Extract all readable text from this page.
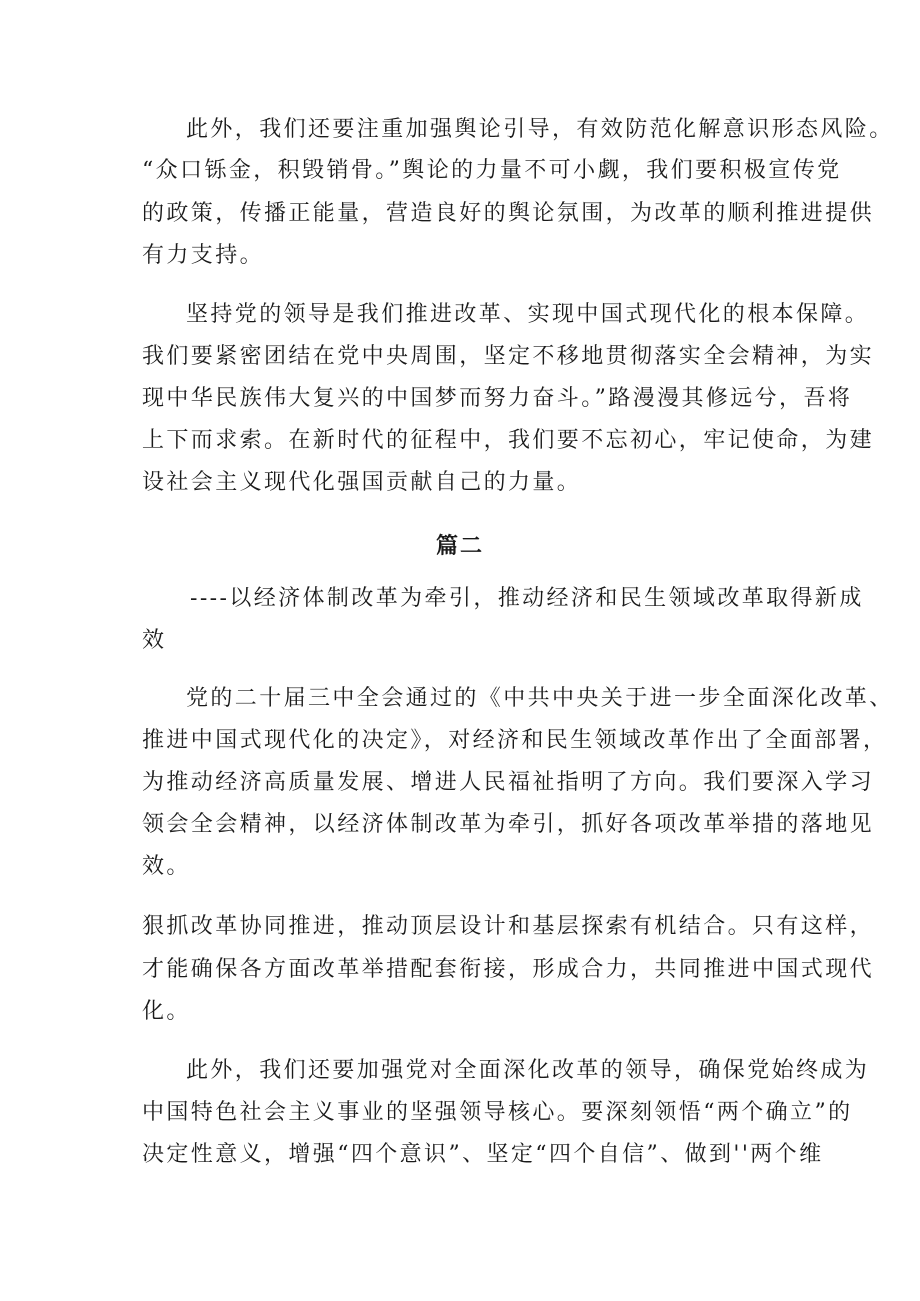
此外，我们还要注重加强舆论引导，有效防范化解意识形态风险。
“众口铄金，积毁销骨。”舆论的力量不可小觑，我们要积极宣传党
的政策，传播正能量，营造良好的舆论氛围，为改革的顺利推进提供
有力支持。
坚持党的领导是我们推进改革、实现中国式现代化的根本保障。
我们要紧密团结在党中央周围，坚定不移地贯彻落实全会精神，为实
现中华民族伟大复兴的中国梦而努力奋斗。”路漫漫其修远兮，吾将
上下而求索。在新时代的征程中，我们要不忘初心，牢记使命，为建
设社会主义现代化强国贡献自己的力量。
篇二
----以经济体制改革为牵引，推动经济和民生领域改革取得新成
效
党的二十届三中全会通过的《中共中央关于进一步全面深化改革、
推进中国式现代化的决定》，对经济和民生领域改革作出了全面部署，
为推动经济高质量发展、增进人民福祉指明了方向。我们要深入学习
领会全会精神，以经济体制改革为牵引，抓好各项改革举措的落地见
效。
狠抓改革协同推进，推动顶层设计和基层探索有机结合。只有这样，
才能确保各方面改革举措配套衔接，形成合力，共同推进中国式现代
化。
此外，我们还要加强党对全面深化改革的领导，确保党始终成为
中国特色社会主义事业的坚强领导核心。要深刻领悟“两个确立”的
决定性意义，增强“四个意识”、坚定“四个自信”、做到''两个维
